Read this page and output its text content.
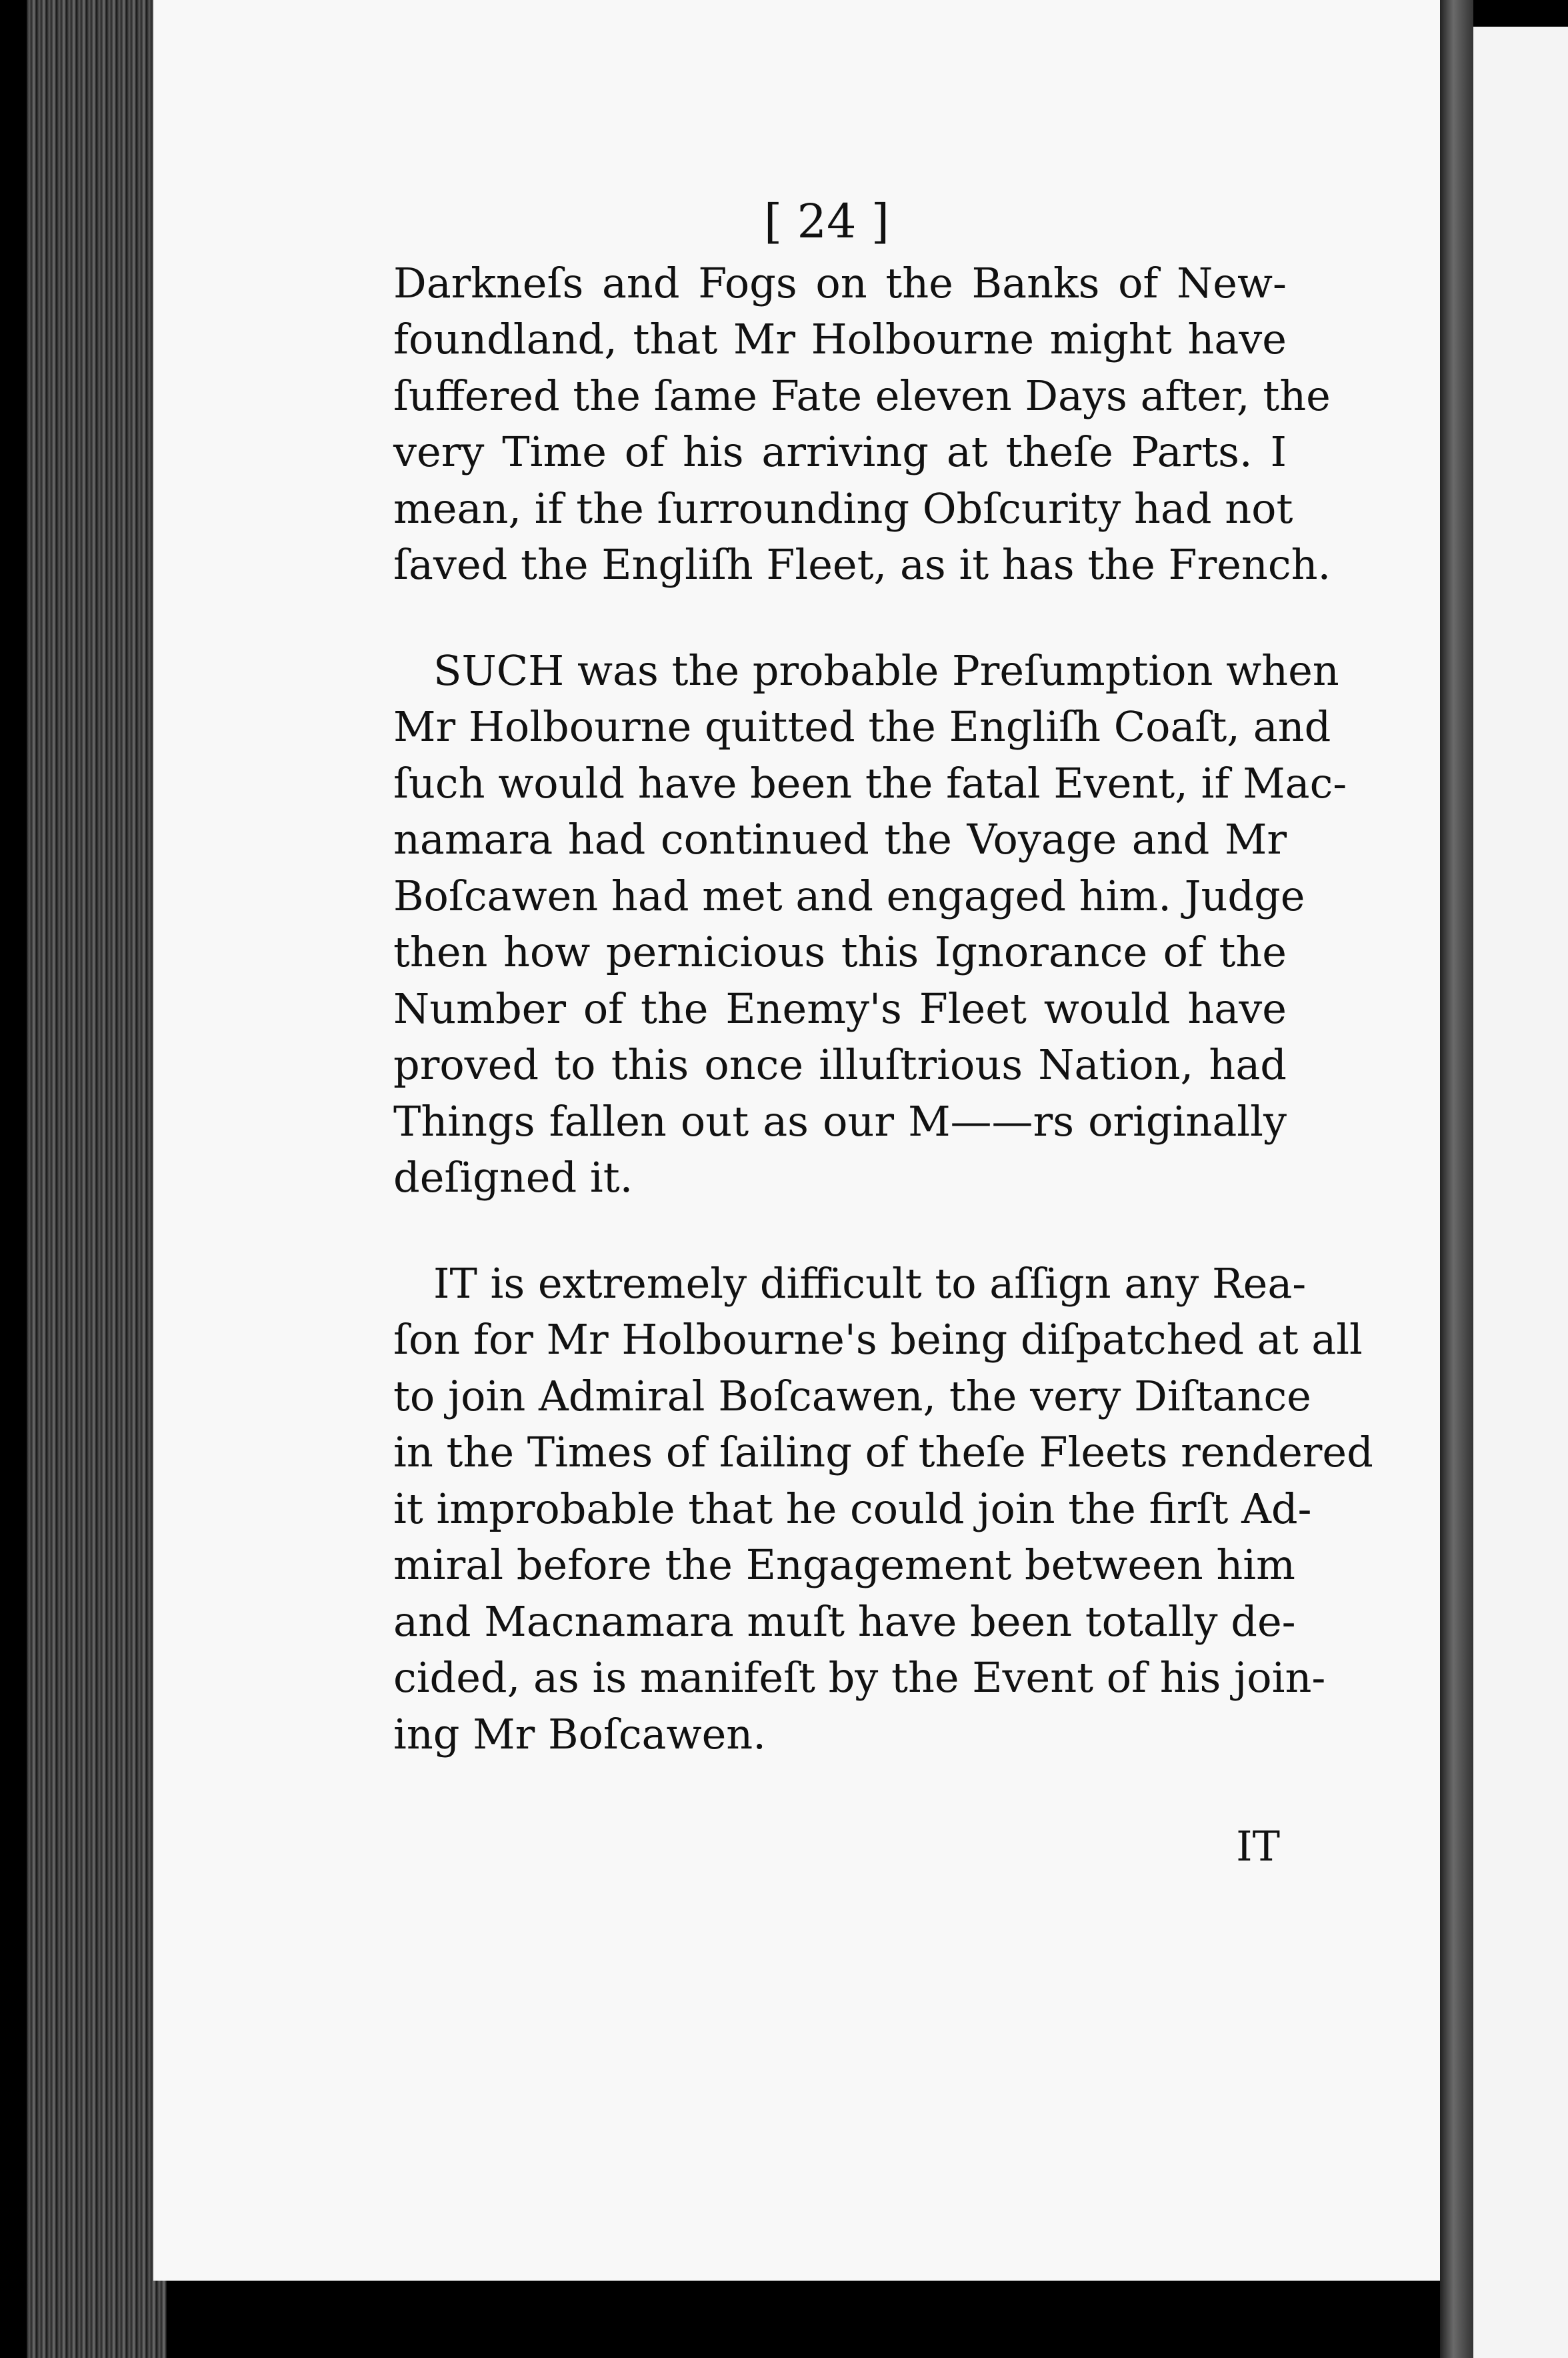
[ 24 ]
Darkneſs and Fogs on the Banks of New-
foundland, that Mr Holbourne might have
ſuffered the ſame Fate eleven Days after, the
very Time of his arriving at theſe Parts. I
mean, if the ſurrounding Obſcurity had not
ſaved the Engliſh Fleet, as it has the French.
SUCH was the probable Preſumption when
Mr Holbourne quitted the Engliſh Coaſt, and
ſuch would have been the fatal Event, if Mac-
namara had continued the Voyage and Mr
Boſcawen had met and engaged him. Judge
then how pernicious this Ignorance of the
Number of the Enemy's Fleet would have
proved to this once illuſtrious Nation, had
Things fallen out as our M——rs originally
deſigned it.
IT is extremely difficult to aſſign any Rea-
ſon for Mr Holbourne's being diſpatched at all
to join Admiral Boſcawen, the very Diſtance
in the Times of ſailing of theſe Fleets rendered
it improbable that he could join the firſt Ad-
miral before the Engagement between him
and Macnamara muſt have been totally de-
cided, as is manifeſt by the Event of his join-
ing Mr Boſcawen.
IT
